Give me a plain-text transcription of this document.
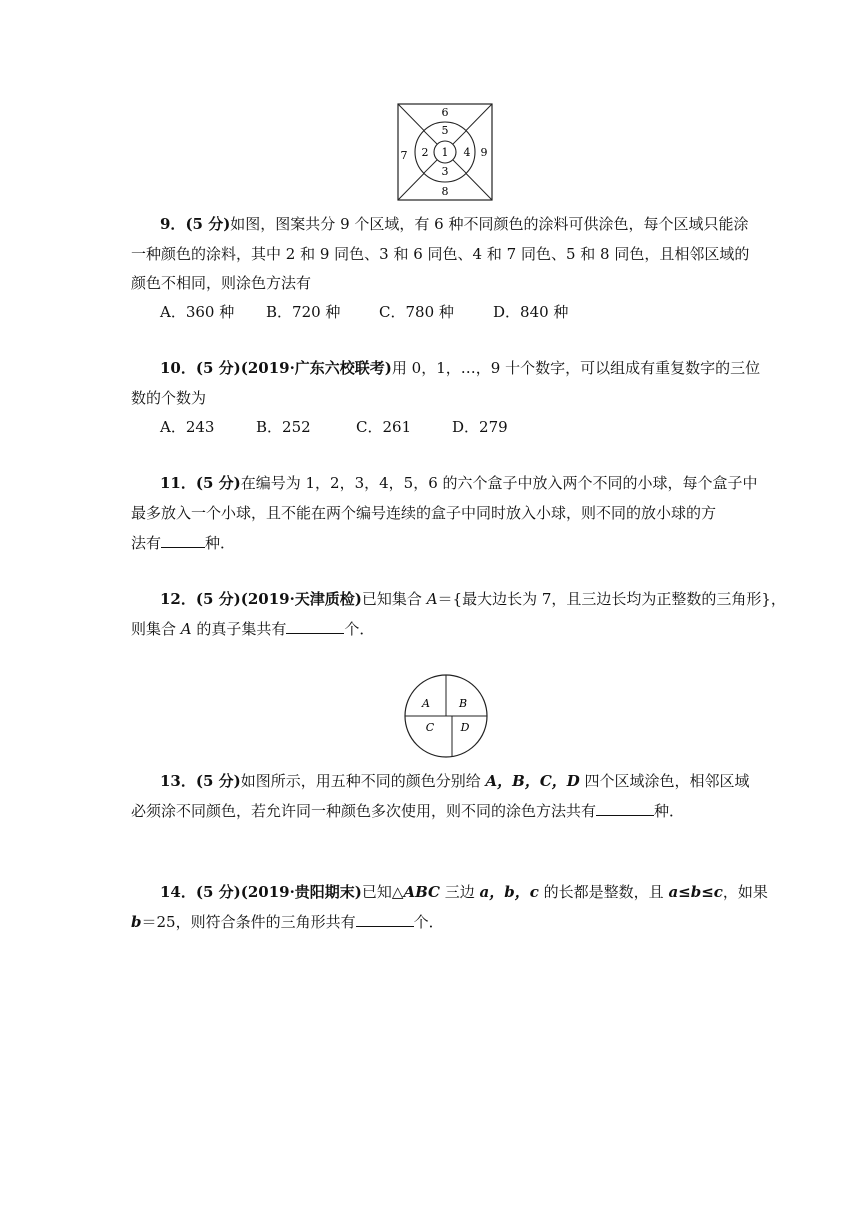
1
2
3
4
5
6
7
8
9
9．(5 分)如图，图案共分 9 个区域，有 6 种不同颜色的涂料可供涂色，每个区域只能涂
一种颜色的涂料，其中 2 和 9 同色、3 和 6 同色、4 和 7 同色、5 和 8 同色，且相邻区域的
颜色不相同，则涂色方法有
A．360 种 B．720 种	C．780 种	D．840 种
10．(5 分)(2019·广东六校联考)用 0，1，…，9 十个数字，可以组成有重复数字的三位
数的个数为
A．243	B．252	C．261	D．279
11．(5 分)在编号为 1，2，3，4，5，6 的六个盒子中放入两个不同的小球，每个盒子中
最多放入一个小球，且不能在两个编号连续的盒子中同时放入小球，则不同的放小球的方
法有	种．
12．(5 分)(2019·天津质检)已知集合 A＝{最大边长为 7，且三边长均为正整数的三角形}，
则集合 A 的真子集共有	个．
A	B
C D
13．(5 分)如图所示，用五种不同的颜色分别给 A，B，C，D 四个区域涂色，相邻区域
必须涂不同颜色，若允许同一种颜色多次使用，则不同的涂色方法共有	种．
14．(5 分)(2019·贵阳期末)已知△ABC 三边 a，b，c 的长都是整数，且 a≤b≤c，如果
b＝25，则符合条件的三角形共有	个．
